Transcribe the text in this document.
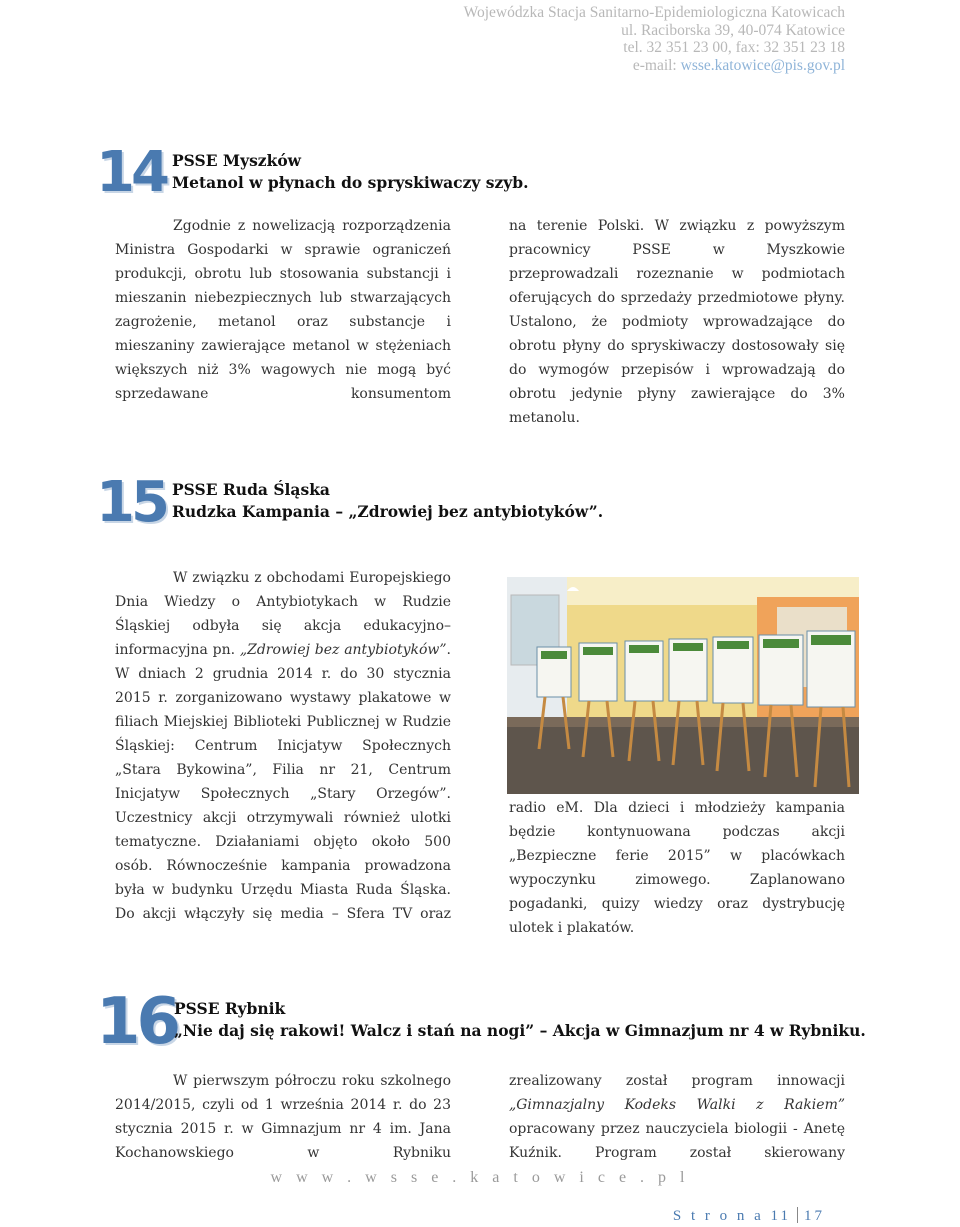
Wojewódzka Stacja Sanitarno-Epidemiologiczna Katowicach
ul. Raciborska 39, 40-074 Katowice
tel. 32 351 23 00, fax: 32 351 23 18
e-mail: wsse.katowice@pis.gov.pl
14 PSSE Myszków
Metanol w płynach do spryskiwaczy szyb.

Zgodnie z nowelizacją rozporządzenia Ministra Gospodarki w sprawie ograniczeń produkcji, obrotu lub stosowania substancji i mieszanin niebezpiecznych lub stwarzających zagrożenie, metanol oraz substancje i mieszaniny zawierające metanol w stężeniach większych niż 3% wagowych nie mogą być sprzedawane konsumentom

na terenie Polski. W związku z powyższym pracownicy PSSE w Myszkowie przeprowadzali rozeznanie w podmiotach oferujących do sprzedaży przedmiotowe płyny. Ustalono, że podmioty wprowadzające do obrotu płyny do spryskiwaczy dostosowały się do wymogów przepisów i wprowadzają do obrotu jedynie płyny zawierające do 3% metanolu.

15 PSSE Ruda Śląska
Rudzka Kampania – „Zdrowiej bez antybiotyków”.

W związku z obchodami Europejskiego Dnia Wiedzy o Antybiotykach w Rudzie Śląskiej odbyła się akcja edukacyjno–informacyjna pn. „Zdrowiej bez antybiotyków”. W dniach 2 grudnia 2014 r. do 30 stycznia 2015 r. zorganizowano wystawy plakatowe w filiach Miejskiej Biblioteki Publicznej w Rudzie Śląskiej: Centrum Inicjatyw Społecznych „Stara Bykowina”, Filia nr 21, Centrum Inicjatyw Społecznych „Stary Orzegów”. Uczestnicy akcji otrzymywali również ulotki tematyczne. Działaniami objęto około 500 osób. Równocześnie kampania prowadzona była w budynku Urzędu Miasta Ruda Śląska. Do akcji włączyły się media – Sfera TV oraz

radio eM. Dla dzieci i młodzieży kampania będzie kontynuowana podczas akcji „Bezpieczne ferie 2015” w placówkach wypoczynku zimowego. Zaplanowano pogadanki, quizy wiedzy oraz dystrybucję ulotek i plakatów.

16
PSSE Rybnik
„Nie daj się rakowi! Walcz i stań na nogi” – Akcja w Gimnazjum nr 4 w Rybniku.

W pierwszym półroczu roku szkolnego 2014/2015, czyli od 1 września 2014 r. do 23 stycznia 2015 r. w Gimnazjum nr 4 im. Jana Kochanowskiego w Rybniku

zrealizowany został program innowacji „Gimnazjalny Kodeks Walki z Rakiem” opracowany przez nauczyciela biologii - Anetę Kuźnik. Program został skierowany

w w w . w s s e . k a t o w i c e . p l
S t r o n a 11 17
